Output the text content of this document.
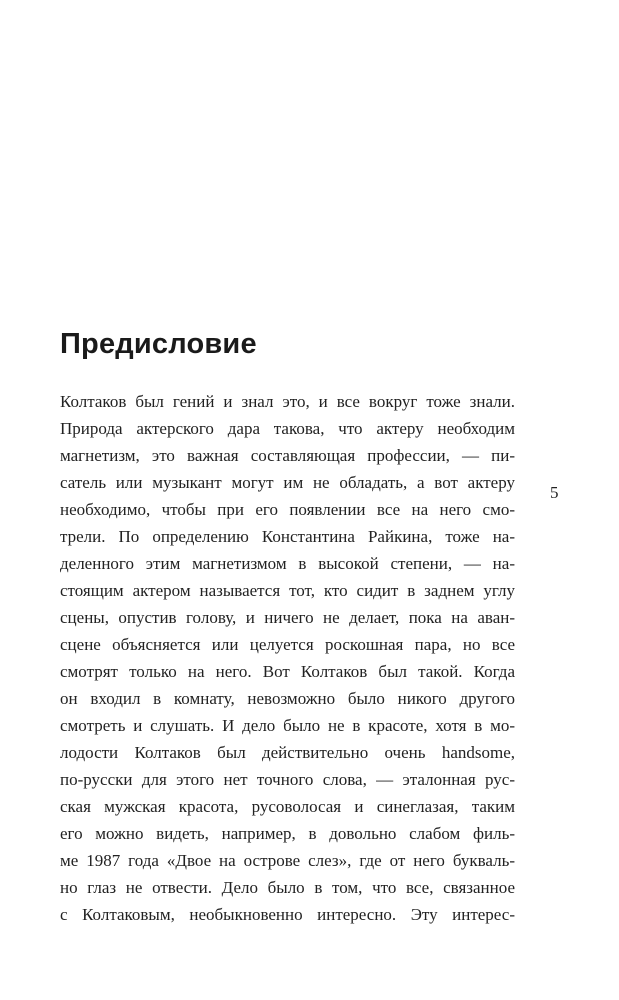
Предисловие
Колтаков был гений и знал это, и все вокруг тоже знали.
Природа актерского дара такова, что актеру необходим
магнетизм, это важная составляющая профессии, — пи-
сатель или музыкант могут им не обладать, а вот актеру
необходимо, чтобы при его появлении все на него смо-
трели. По определению Константина Райкина, тоже на-
деленного этим магнетизмом в высокой степени, — на-
стоящим актером называется тот, кто сидит в заднем углу
сцены, опустив голову, и ничего не делает, пока на аван-
сцене объясняется или целуется роскошная пара, но все
смотрят только на него. Вот Колтаков был такой. Когда
он входил в комнату, невозможно было никого другого
смотреть и слушать. И дело было не в красоте, хотя в мо-
лодости Колтаков был действительно очень handsome,
по-русски для этого нет точного слова, — эталонная рус-
ская мужская красота, русоволосая и синеглазая, таким
его можно видеть, например, в довольно слабом филь-
ме 1987 года «Двое на острове слез», где от него букваль-
но глаз не отвести. Дело было в том, что все, связанное
с Колтаковым, необыкновенно интересно. Эту интерес-
5
